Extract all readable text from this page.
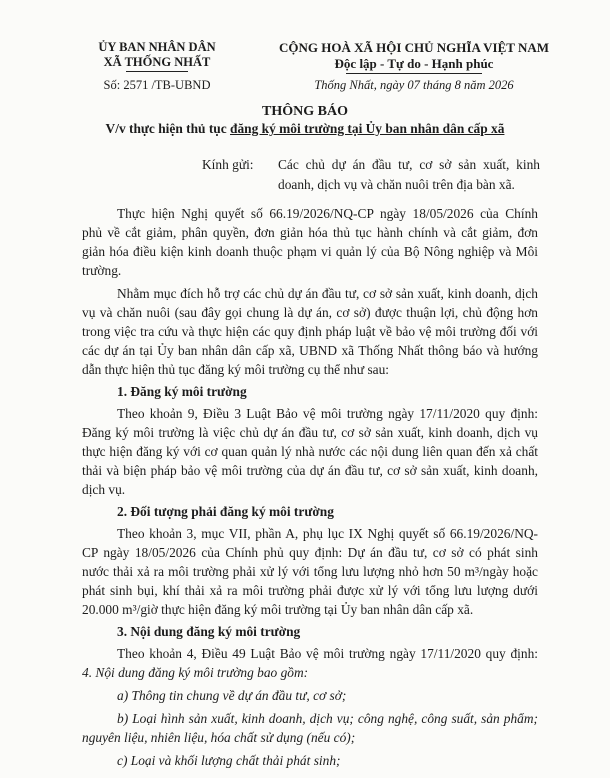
ỦY BAN NHÂN DÂN
XÃ THỐNG NHẤT
Số: 2571 /TB-UBND
CỘNG HOÀ XÃ HỘI CHỦ NGHĨA VIỆT NAM
Độc lập - Tự do - Hạnh phúc
Thống Nhất, ngày 07 tháng 8 năm 2026
THÔNG BÁO
V/v thực hiện thủ tục đăng ký môi trường tại Ủy ban nhân dân cấp xã
Kính gửi: Các chủ dự án đầu tư, cơ sở sản xuất, kinh
doanh, dịch vụ và chăn nuôi trên địa bàn xã.
Thực hiện Nghị quyết số 66.19/2026/NQ-CP ngày 18/05/2026 của Chính
phủ về cắt giảm, phân quyền, đơn giản hóa thủ tục hành chính và cắt giảm, đơn
giản hóa điều kiện kinh doanh thuộc phạm vi quản lý của Bộ Nông nghiệp và Môi
trường.
Nhằm mục đích hỗ trợ các chủ dự án đầu tư, cơ sở sản xuất, kinh doanh, dịch
vụ và chăn nuôi (sau đây gọi chung là dự án, cơ sở) được thuận lợi, chủ động hơn
trong việc tra cứu và thực hiện các quy định pháp luật về bảo vệ môi trường đối với
các dự án tại Ủy ban nhân dân cấp xã, UBND xã Thống Nhất thông báo và hướng
dẫn thực hiện thủ tục đăng ký môi trường cụ thể như sau:
1. Đăng ký môi trường
Theo khoản 9, Điều 3 Luật Bảo vệ môi trường ngày 17/11/2020 quy định:
Đăng ký môi trường là việc chủ dự án đầu tư, cơ sở sản xuất, kinh doanh, dịch vụ
thực hiện đăng ký với cơ quan quản lý nhà nước các nội dung liên quan đến xả chất
thải và biện pháp bảo vệ môi trường của dự án đầu tư, cơ sở sản xuất, kinh doanh,
dịch vụ.
2. Đối tượng phải đăng ký môi trường
Theo khoản 3, mục VII, phần A, phụ lục IX Nghị quyết số 66.19/2026/NQ-
CP ngày 18/05/2026 của Chính phủ quy định: Dự án đầu tư, cơ sở có phát sinh
nước thải xả ra môi trường phải xử lý với tổng lưu lượng nhỏ hơn 50 m³/ngày hoặc
phát sinh bụi, khí thải xả ra môi trường phải được xử lý với tổng lưu lượng dưới
20.000 m³/giờ thực hiện đăng ký môi trường tại Ủy ban nhân dân cấp xã.
3. Nội dung đăng ký môi trường
Theo khoản 4, Điều 49 Luật Bảo vệ môi trường ngày 17/11/2020 quy định:
4. Nội dung đăng ký môi trường bao gồm:
a) Thông tin chung về dự án đầu tư, cơ sở;
b) Loại hình sản xuất, kinh doanh, dịch vụ; công nghệ, công suất, sản phẩm;
nguyên liệu, nhiên liệu, hóa chất sử dụng (nếu có);
c) Loại và khối lượng chất thải phát sinh;
